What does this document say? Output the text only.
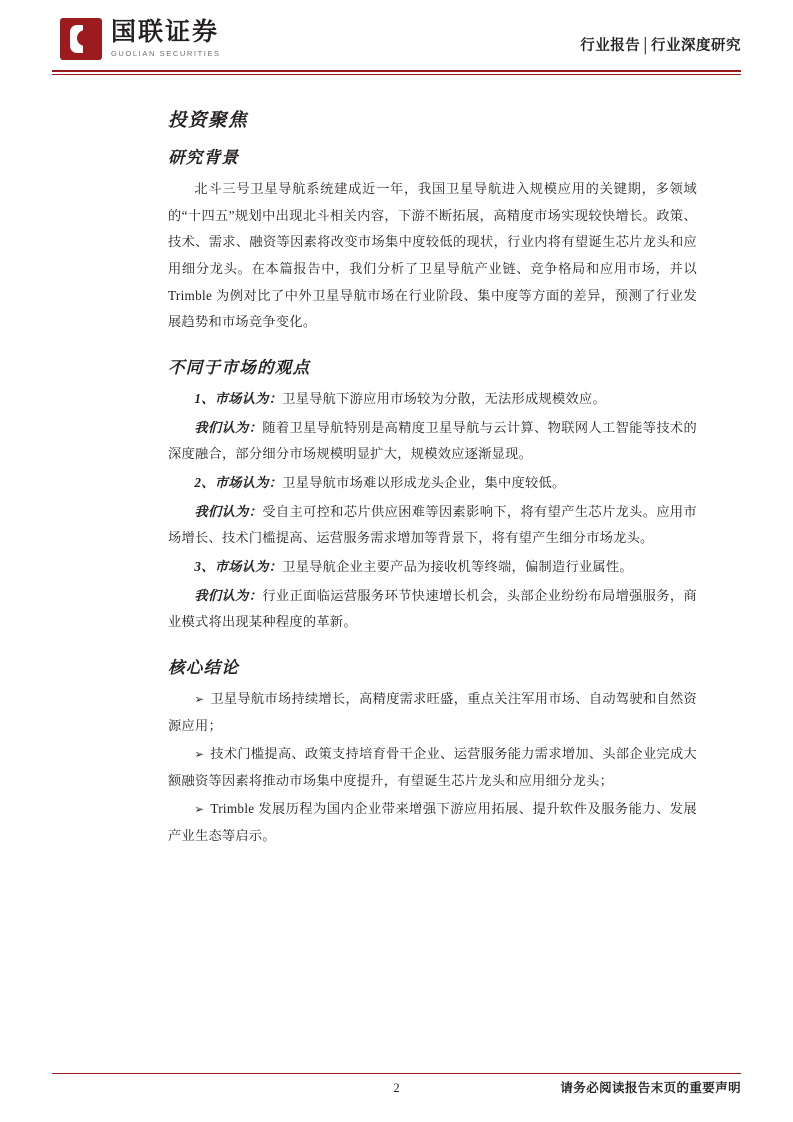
国联证券
GUOLIAN SECURITIES	行业报告│行业深度研究
投资聚焦
研究背景

北斗三号卫星导航系统建成近一年，我国卫星导航进入规模应用的关键期，多领域的“十四五”规划中出现北斗相关内容，下游不断拓展，高精度市场实现较快增长。政策、技术、需求、融资等因素将改变市场集中度较低的现状，行业内将有望诞生芯片龙头和应用细分龙头。在本篇报告中，我们分析了卫星导航产业链、竞争格局和应用市场，并以 Trimble 为例对比了中外卫星导航市场在行业阶段、集中度等方面的差异，预测了行业发展趋势和市场竞争变化。

不同于市场的观点

1、市场认为：卫星导航下游应用市场较为分散，无法形成规模效应。

我们认为：随着卫星导航特别是高精度卫星导航与云计算、物联网人工智能等技术的深度融合，部分细分市场规模明显扩大，规模效应逐渐显现。

2、市场认为：卫星导航市场难以形成龙头企业，集中度较低。

我们认为：受自主可控和芯片供应困难等因素影响下，将有望产生芯片龙头。应用市场增长、技术门槛提高、运营服务需求增加等背景下，将有望产生细分市场龙头。

3、市场认为：卫星导航企业主要产品为接收机等终端，偏制造行业属性。

我们认为：行业正面临运营服务环节快速增长机会，头部企业纷纷布局增强服务，商业模式将出现某种程度的革新。

核心结论

➢ 卫星导航市场持续增长，高精度需求旺盛，重点关注军用市场、自动驾驶和自然资源应用；

➢ 技术门槛提高、政策支持培育骨干企业、运营服务能力需求增加、头部企业完成大额融资等因素将推动市场集中度提升，有望诞生芯片龙头和应用细分龙头；

➢ Trimble 发展历程为国内企业带来增强下游应用拓展、提升软件及服务能力、发展产业生态等启示。

2	请务必阅读报告末页的重要声明
